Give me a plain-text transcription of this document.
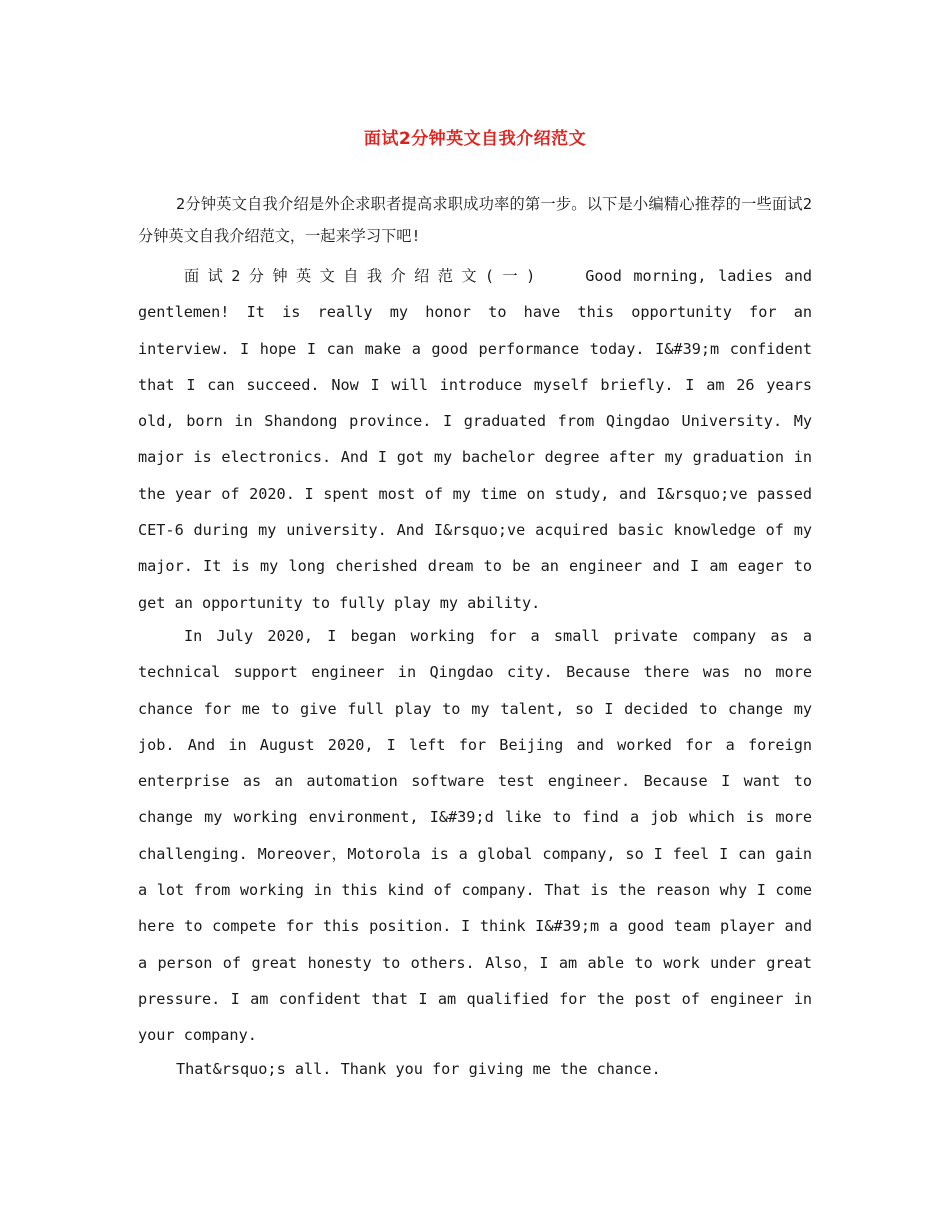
面试2分钟英文自我介绍范文

2分钟英文自我介绍是外企求职者提高求职成功率的第一步。以下是小编精心推荐的一些面试2分钟英文自我介绍范文，一起来学习下吧!

面试2分钟英文自我介绍范文(一)	Good morning, ladies and gentlemen! It is really my honor to have this opportunity for an interview. I hope I can make a good performance today. I&#39;m confident that I can succeed. Now I will introduce myself briefly. I am 26 years old, born in Shandong province. I graduated from Qingdao University. My major is electronics. And I got my bachelor degree after my graduation in the year of 2020. I spent most of my time on study, and I&rsquo;ve passed CET-6 during my university. And I&rsquo;ve acquired basic knowledge of my major. It is my long cherished dream to be an engineer and I am eager to get an opportunity to fully play my ability.

In July 2020, I began working for a small private company as a technical support engineer in Qingdao city. Because there was no more chance for me to give full play to my talent, so I decided to change my job. And in August 2020, I left for Beijing and worked for a foreign enterprise as an automation software test engineer. Because I want to change my working environment, I&#39;d like to find a job which is more challenging. Moreover，Motorola is a global company, so I feel I can gain a lot from working in this kind of company. That is the reason why I come here to compete for this position. I think I&#39;m a good team player and a person of great honesty to others. Also，I am able to work under great pressure. I am confident that I am qualified for the post of engineer in your company.

That&rsquo;s all. Thank you for giving me the chance.
